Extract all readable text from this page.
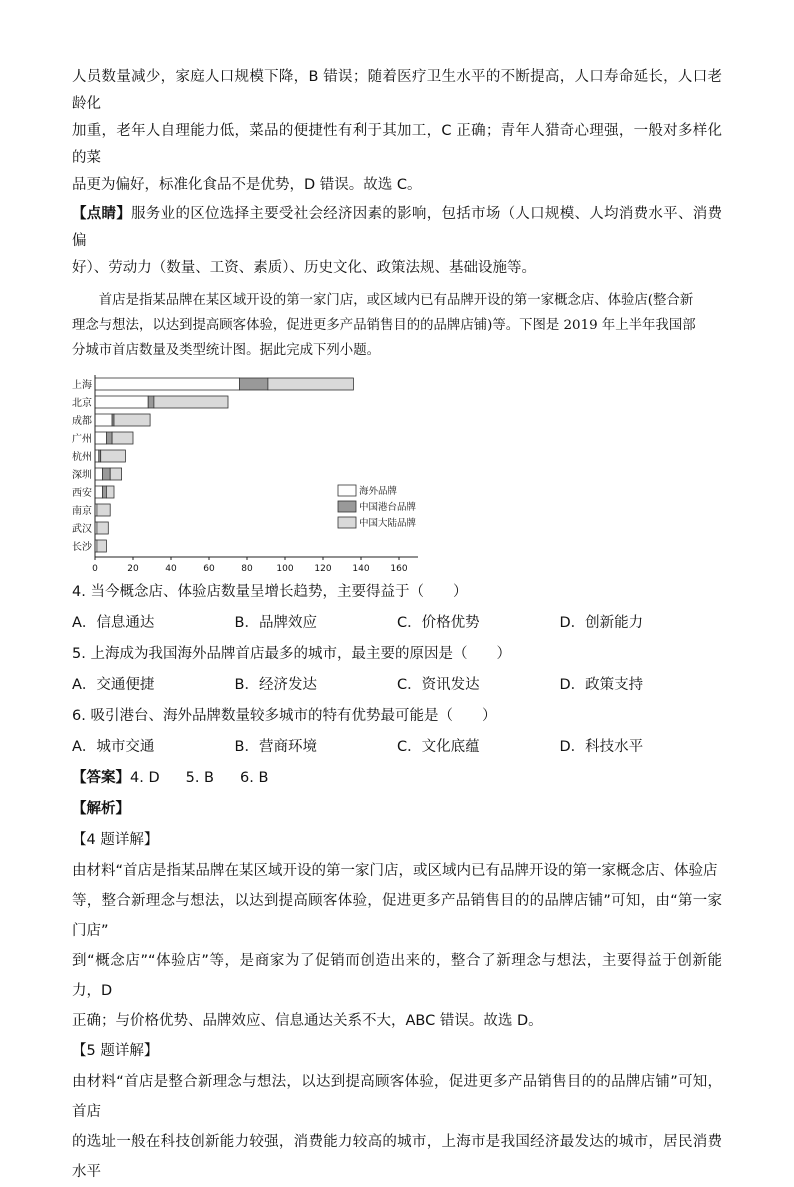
人员数量减少，家庭人口规模下降，B 错误；随着医疗卫生水平的不断提高，人口寿命延长，人口老龄化

加重，老年人自理能力低，菜品的便捷性有利于其加工，C 正确；青年人猎奇心理强，一般对多样化的菜

品更为偏好，标准化食品不是优势，D 错误。故选 C。

【点睛】服务业的区位选择主要受社会经济因素的影响，包括市场（人口规模、人均消费水平、消费偏

好）、劳动力（数量、工资、素质）、历史文化、政策法规、基础设施等。

首店是指某品牌在某区域开设的第一家门店，或区域内已有品牌开设的第一家概念店、体验店(整合新

理念与想法，以达到提高顾客体验，促进更多产品销售目的的品牌店铺)等。下图是 2019 年上半年我国部

分城市首店数量及类型统计图。据此完成下列小题。

上海
北京
成都
广州
杭州
深圳
西安
南京
武汉
长沙
0	20	40	60	80	100 120 140 160
海外品牌
中国港台品牌
中国大陆品牌

4. 当今概念店、体验店数量呈增长趋势，主要得益于（　　）

A．信息通达	B．品牌效应	C．价格优势	D．创新能力

5. 上海成为我国海外品牌首店最多的城市，最主要的原因是（　　）

A．交通便捷	B．经济发达	C．资讯发达	D．政策支持

6. 吸引港台、海外品牌数量较多城市的特有优势最可能是（　　）

A．城市交通	B．营商环境	C．文化底蕴	D．科技水平

【答案】4. D 5. B 6. B

【解析】

【4 题详解】

由材料“首店是指某品牌在某区域开设的第一家门店，或区域内已有品牌开设的第一家概念店、体验店

等，整合新理念与想法，以达到提高顾客体验，促进更多产品销售目的的品牌店铺”可知，由“第一家门店”

到“概念店”“体验店”等，是商家为了促销而创造出来的，整合了新理念与想法，主要得益于创新能力，D

正确；与价格优势、品牌效应、信息通达关系不大，ABC 错误。故选 D。

【5 题详解】

由材料“首店是整合新理念与想法，以达到提高顾客体验，促进更多产品销售目的的品牌店铺”可知，首店

的选址一般在科技创新能力较强，消费能力较高的城市，上海市是我国经济最发达的城市，居民消费水平
